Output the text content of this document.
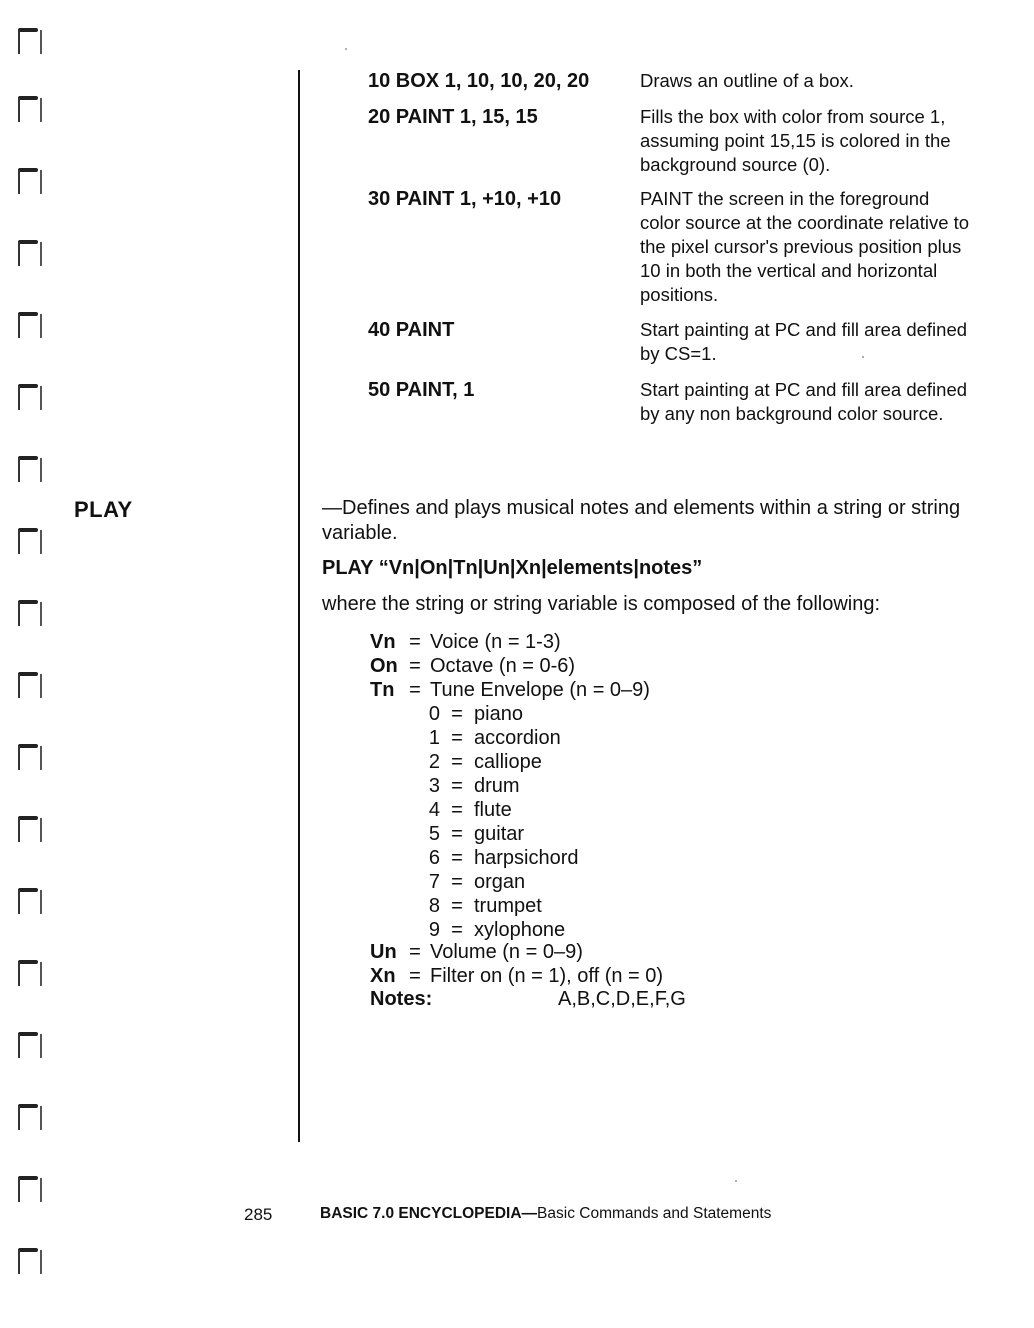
10 BOX 1, 10, 10, 20, 20	Draws an outline of a box.
20 PAINT 1, 15, 15	Fills the box with color from source 1, assuming point 15,15 is colored in the background source (0).
30 PAINT 1, +10, +10	PAINT the screen in the foreground color source at the coordinate relative to the pixel cursor's previous position plus 10 in both the vertical and horizontal positions.
40 PAINT	Start painting at PC and fill area defined by CS=1.
50 PAINT, 1	Start painting at PC and fill area defined by any non background color source.
PLAY	—Defines and plays musical notes and elements within a string or string variable.
PLAY “Vn|On|Tn|Un|Xn|elements|notes”
where the string or string variable is composed of the following:
Vn = Voice (n = 1-3)
On = Octave (n = 0-6)
Tn = Tune Envelope (n = 0–9)
0 = piano
1 = accordion
2 = calliope
3 = drum
4 = flute
5 = guitar
6 = harpsichord
7 = organ
8 = trumpet
9 = xylophone
Un = Volume (n = 0–9)
Xn = Filter on (n = 1), off (n = 0)
Notes:	A,B,C,D,E,F,G
285	BASIC 7.0 ENCYCLOPEDIA—Basic Commands and Statements
